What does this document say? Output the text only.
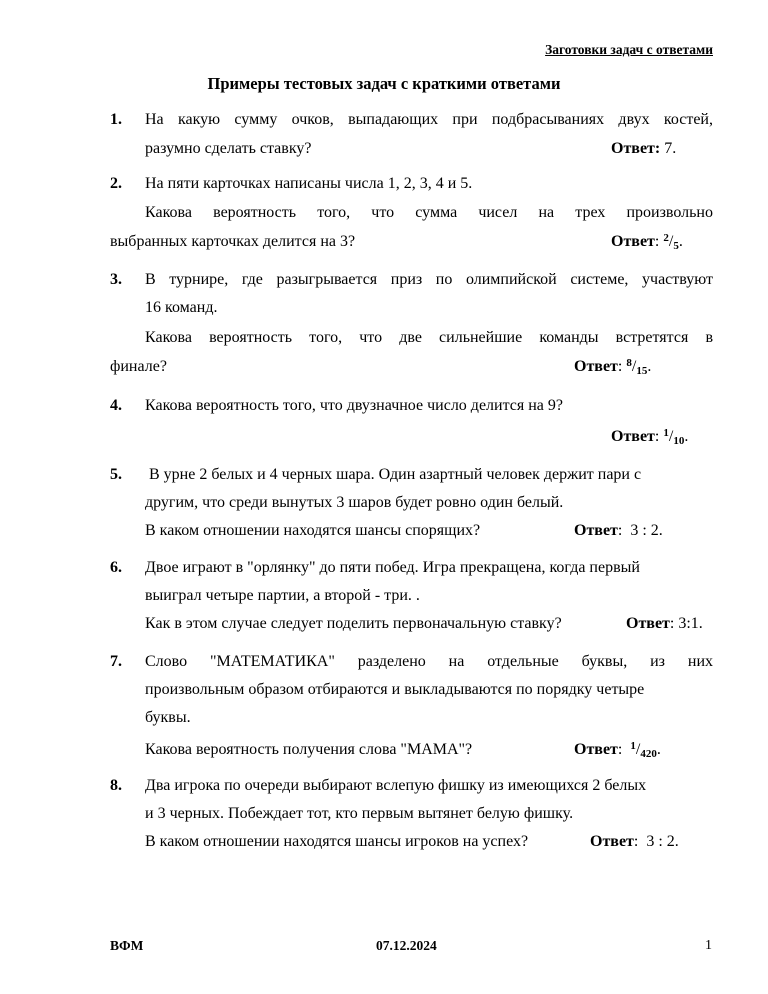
Заготовки задач с ответами
Примеры тестовых задач с краткими ответами
1. На какую сумму очков, выпадающих при подбрасываниях двух костей,
разумно сделать ставку?	Ответ: 7.
2. На пяти карточках написаны числа 1, 2, 3, 4 и 5.
Какова вероятность того, что сумма чисел на трех произвольно
выбранных карточках делится на 3?	Ответ: $^2/_5$.
3. В турнире, где разыгрывается приз по олимпийской системе, участвуют
16 команд.
Какова вероятность того, что две сильнейшие команды встретятся в
финале?	Ответ: $^8/_{15}$.
4. Какова вероятность того, что двузначное число делится на 9?
Ответ: $^1/_{10}$.
5. В урне 2 белых и 4 черных шара. Один азартный человек держит пари с
другим, что среди вынутых 3 шаров будет ровно один белый.
В каком отношении находятся шансы спорящих?	Ответ:  3 : 2.
6. Двое играют в "орлянку" до пяти побед. Игра прекращена, когда первый
выиграл четыре партии, а второй - три. .
Как в этом случае следует поделить первоначальную ставку?	Ответ: 3:1.
7. Слово "МАТЕМАТИКА" разделено на отдельные буквы, из них
произвольным образом отбираются и выкладываются по порядку четыре
буквы.
Какова вероятность получения слова "МАМА"?	Ответ:  $^1/_{420}$.
8. Два игрока по очереди выбирают вслепую фишку из имеющихся 2 белых
и 3 черных. Побеждает тот, кто первым вытянет белую фишку.
В каком отношении находятся шансы игроков на успех?	Ответ:  3 : 2.
ВФМ	07.12.2024	1
